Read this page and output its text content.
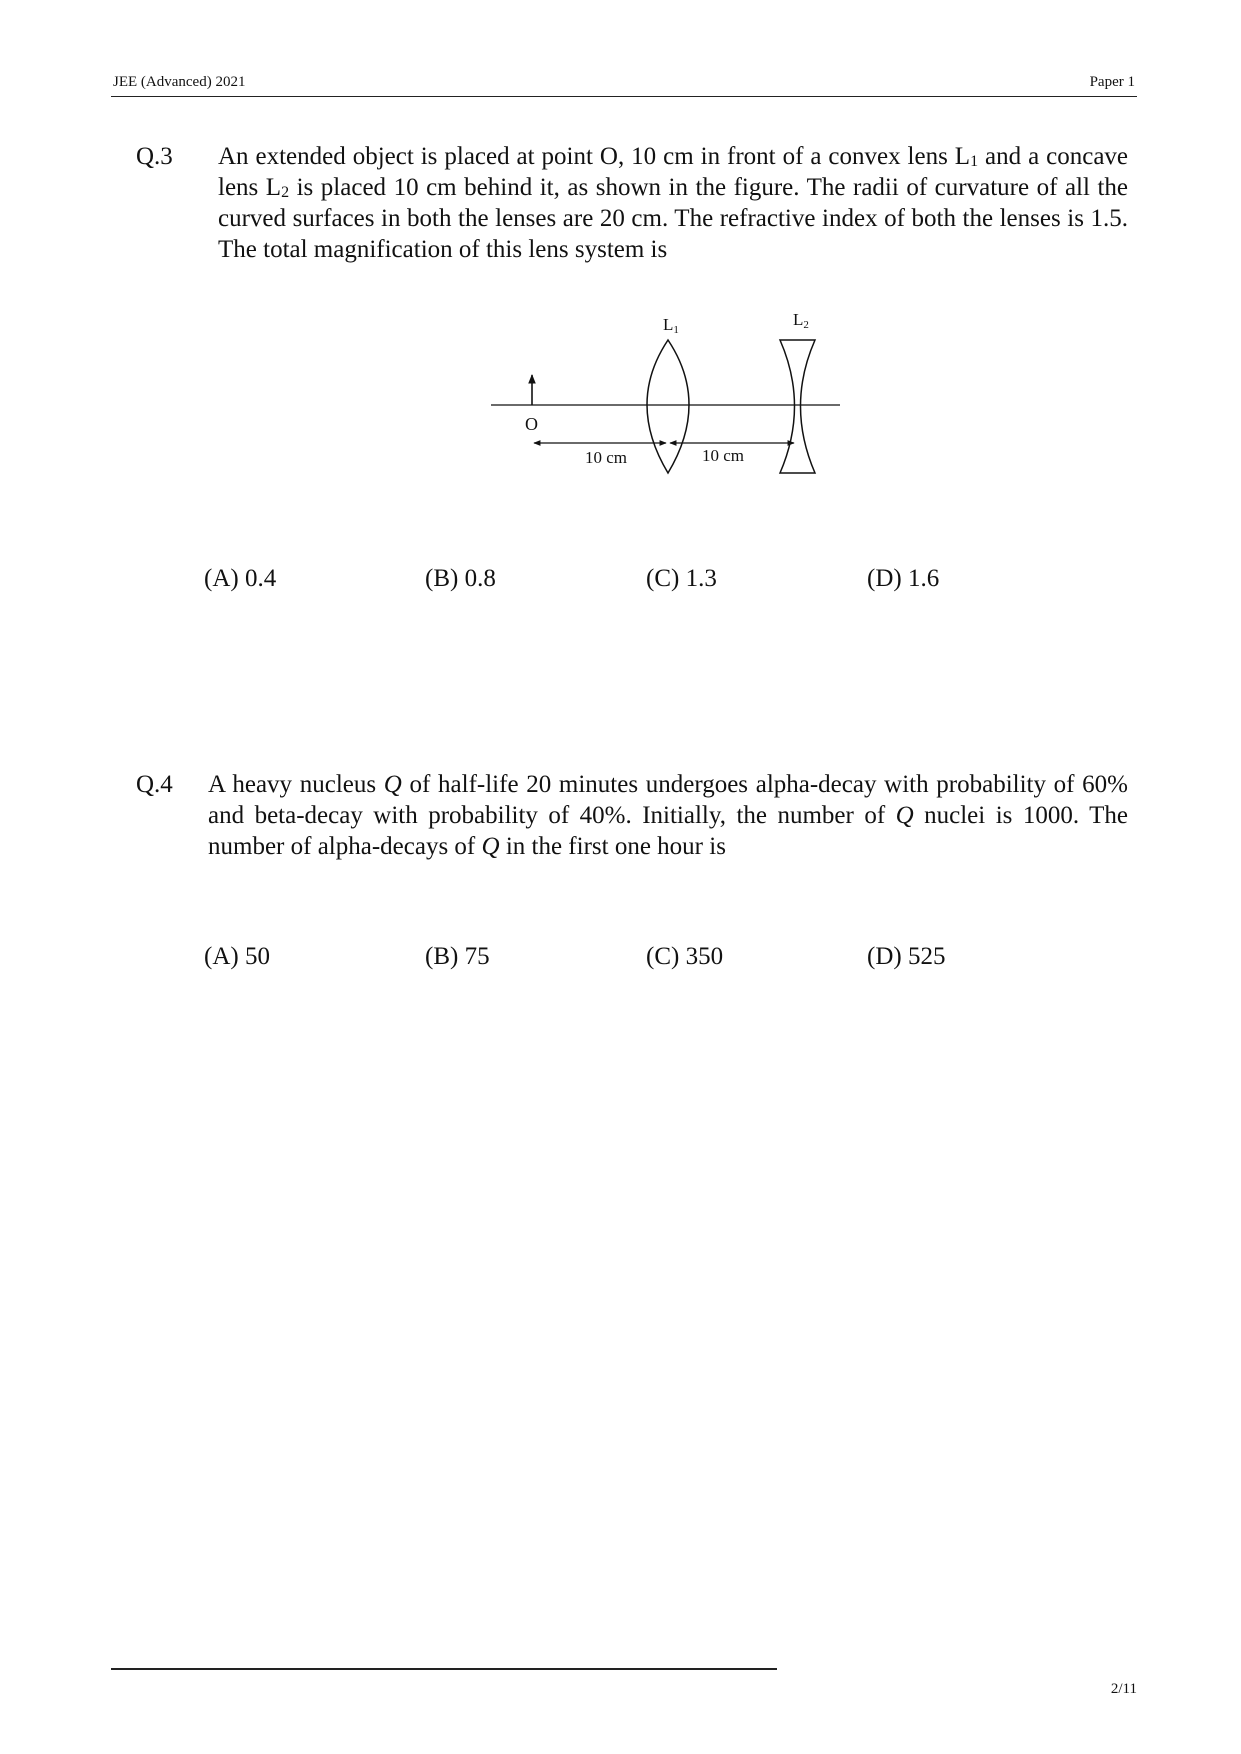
JEE (Advanced) 2021	Paper 1
Q.3 An extended object is placed at point O, 10 cm in front of a convex lens $L_1$ and a concave lens $L_2$ is placed 10 cm behind it, as shown in the figure. The radii of curvature of all the curved surfaces in both the lenses are 20 cm. The refractive index of both the lenses is 1.5. The total magnification of this lens system is
(A) 0.4	(B) 0.8	(C) 1.3	(D) 1.6
O
L1
L2
10 cm	10 cm
Q.4 A heavy nucleus Q of half-life 20 minutes undergoes alpha-decay with probability of 60% and beta-decay with probability of 40%. Initially, the number of Q nuclei is 1000. The number of alpha-decays of Q in the first one hour is
(A) 50	(B) 75	(C) 350	(D) 525
2/11
